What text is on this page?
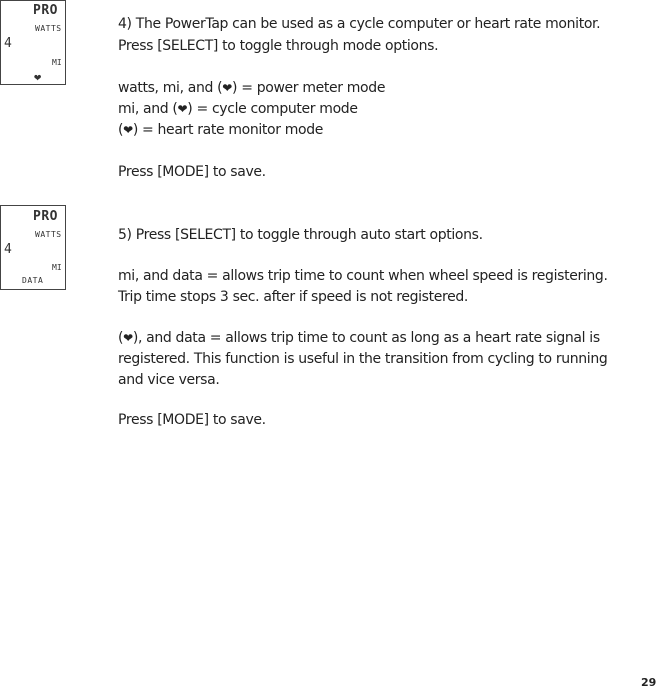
PRO
WATTS
4
MI
❤
PRO
WATTS
4
MI
DATA
4) The PowerTap can be used as a cycle computer or heart rate monitor.
Press [SELECT] to toggle through mode options.
watts, mi, and (❤) = power meter mode
mi, and (❤) = cycle computer mode
(❤) = heart rate monitor mode
Press [MODE] to save.
5) Press [SELECT] to toggle through auto start options.
mi, and data = allows trip time to count when wheel speed is registering.
Trip time stops 3 sec. after if speed is not registered.
(❤), and data = allows trip time to count as long as a heart rate signal is
registered. This function is useful in the transition from cycling to running
and vice versa.
Press [MODE] to save.
29
